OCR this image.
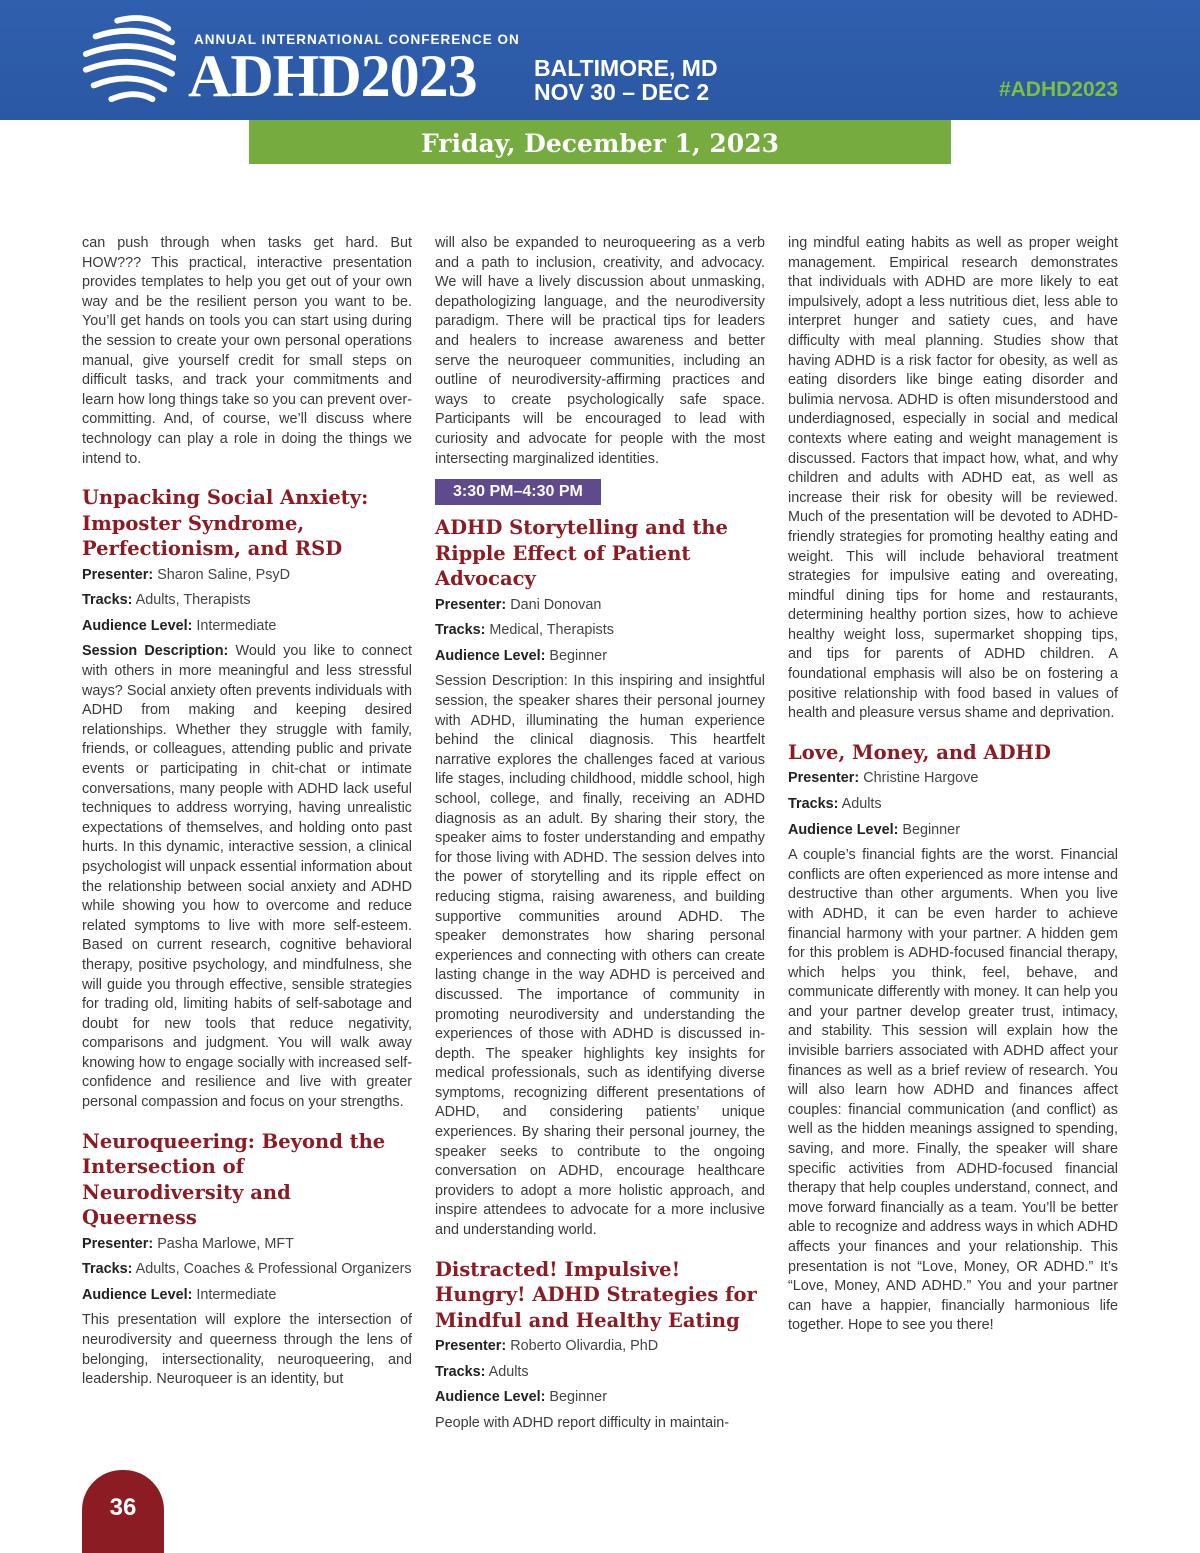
ANNUAL INTERNATIONAL CONFERENCE ON
ADHD2023 BALTIMORE, MD
NOV 30 – DEC 2	#ADHD2023
Friday, December 1, 2023

can push through when tasks get hard. But HOW??? This practical, interactive presentation provides templates to help you get out of your own way and be the resilient person you want to be. You’ll get hands on tools you can start using during the session to create your own personal operations manual, give yourself credit for small steps on difficult tasks, and track your commitments and learn how long things take so you can prevent over-committing. And, of course, we’ll discuss where technology can play a role in doing the things we intend to.

Unpacking Social Anxiety: Imposter Syndrome, Perfectionism, and RSD

Presenter: Sharon Saline, PsyD

Tracks: Adults, Therapists

Audience Level: Intermediate

Session Description: Would you like to connect with others in more meaningful and less stressful ways? Social anxiety often prevents individuals with ADHD from making and keeping desired relationships. Whether they struggle with family, friends, or colleagues, attending public and private events or participating in chit-chat or intimate conversations, many people with ADHD lack useful techniques to address worrying, having unrealistic expectations of themselves, and holding onto past hurts. In this dynamic, interactive session, a clinical psychologist will unpack essential information about the relationship between social anxiety and ADHD while showing you how to overcome and reduce related symptoms to live with more self-esteem. Based on current research, cognitive behavioral therapy, positive psychology, and mindfulness, she will guide you through effective, sensible strategies for trading old, limiting habits of self-sabotage and doubt for new tools that reduce negativity, comparisons and judgment. You will walk away knowing how to engage socially with increased self-confidence and resilience and live with greater personal compassion and focus on your strengths.

Neuroqueering: Beyond the Intersection of Neurodiversity and Queerness

Presenter: Pasha Marlowe, MFT

Tracks: Adults, Coaches & Professional Organizers

Audience Level: Intermediate

This presentation will explore the intersection of neurodiversity and queerness through the lens of belonging, intersectionality, neuroqueering, and leadership. Neuroqueer is an identity, but

will also be expanded to neuroqueering as a verb and a path to inclusion, creativity, and advocacy. We will have a lively discussion about unmasking, depathologizing language, and the neurodiversity paradigm. There will be practical tips for leaders and healers to increase awareness and better serve the neuroqueer communities, including an outline of neurodiversity-affirming practices and ways to create psychologically safe space. Participants will be encouraged to lead with curiosity and advocate for people with the most intersecting marginalized identities.

3:30 PM–4:30 PM
ADHD Storytelling and the Ripple Effect of Patient Advocacy

Presenter: Dani Donovan

Tracks: Medical, Therapists

Audience Level: Beginner

Session Description: In this inspiring and insightful session, the speaker shares their personal journey with ADHD, illuminating the human experience behind the clinical diagnosis. This heartfelt narrative explores the challenges faced at various life stages, including childhood, middle school, high school, college, and finally, receiving an ADHD diagnosis as an adult. By sharing their story, the speaker aims to foster understanding and empathy for those living with ADHD. The session delves into the power of storytelling and its ripple effect on reducing stigma, raising awareness, and building supportive communities around ADHD. The speaker demonstrates how sharing personal experiences and connecting with others can create lasting change in the way ADHD is perceived and discussed. The importance of community in promoting neurodiversity and understanding the experiences of those with ADHD is discussed in-depth. The speaker highlights key insights for medical professionals, such as identifying diverse symptoms, recognizing different presentations of ADHD, and considering patients’ unique experiences. By sharing their personal journey, the speaker seeks to contribute to the ongoing conversation on ADHD, encourage healthcare providers to adopt a more holistic approach, and inspire attendees to advocate for a more inclusive and understanding world.

Distracted! Impulsive! Hungry! ADHD Strategies for Mindful and Healthy Eating

Presenter: Roberto Olivardia, PhD

Tracks: Adults

Audience Level: Beginner

People with ADHD report difficulty in maintain-

ing mindful eating habits as well as proper weight management. Empirical research demonstrates that individuals with ADHD are more likely to eat impulsively, adopt a less nutritious diet, less able to interpret hunger and satiety cues, and have difficulty with meal planning. Studies show that having ADHD is a risk factor for obesity, as well as eating disorders like binge eating disorder and bulimia nervosa. ADHD is often misunderstood and underdiagnosed, especially in social and medical contexts where eating and weight management is discussed. Factors that impact how, what, and why children and adults with ADHD eat, as well as increase their risk for obesity will be reviewed. Much of the presentation will be devoted to ADHD-friendly strategies for promoting healthy eating and weight. This will include behavioral treatment strategies for impulsive eating and overeating, mindful dining tips for home and restaurants, determining healthy portion sizes, how to achieve healthy weight loss, supermarket shopping tips, and tips for parents of ADHD children. A foundational emphasis will also be on fostering a positive relationship with food based in values of health and pleasure versus shame and deprivation.

Love, Money, and ADHD

Presenter: Christine Hargove

Tracks: Adults

Audience Level: Beginner

A couple’s financial fights are the worst. Financial conflicts are often experienced as more intense and destructive than other arguments. When you live with ADHD, it can be even harder to achieve financial harmony with your partner. A hidden gem for this problem is ADHD-focused financial therapy, which helps you think, feel, behave, and communicate differently with money. It can help you and your partner develop greater trust, intimacy, and stability. This session will explain how the invisible barriers associated with ADHD affect your finances as well as a brief review of research. You will also learn how ADHD and finances affect couples: financial communication (and conflict) as well as the hidden meanings assigned to spending, saving, and more. Finally, the speaker will share specific activities from ADHD-focused financial therapy that help couples understand, connect, and move forward financially as a team. You’ll be better able to recognize and address ways in which ADHD affects your finances and your relationship. This presentation is not “Love, Money, OR ADHD.” It’s “Love, Money, AND ADHD.” You and your partner can have a happier, financially harmonious life together. Hope to see you there!

36
